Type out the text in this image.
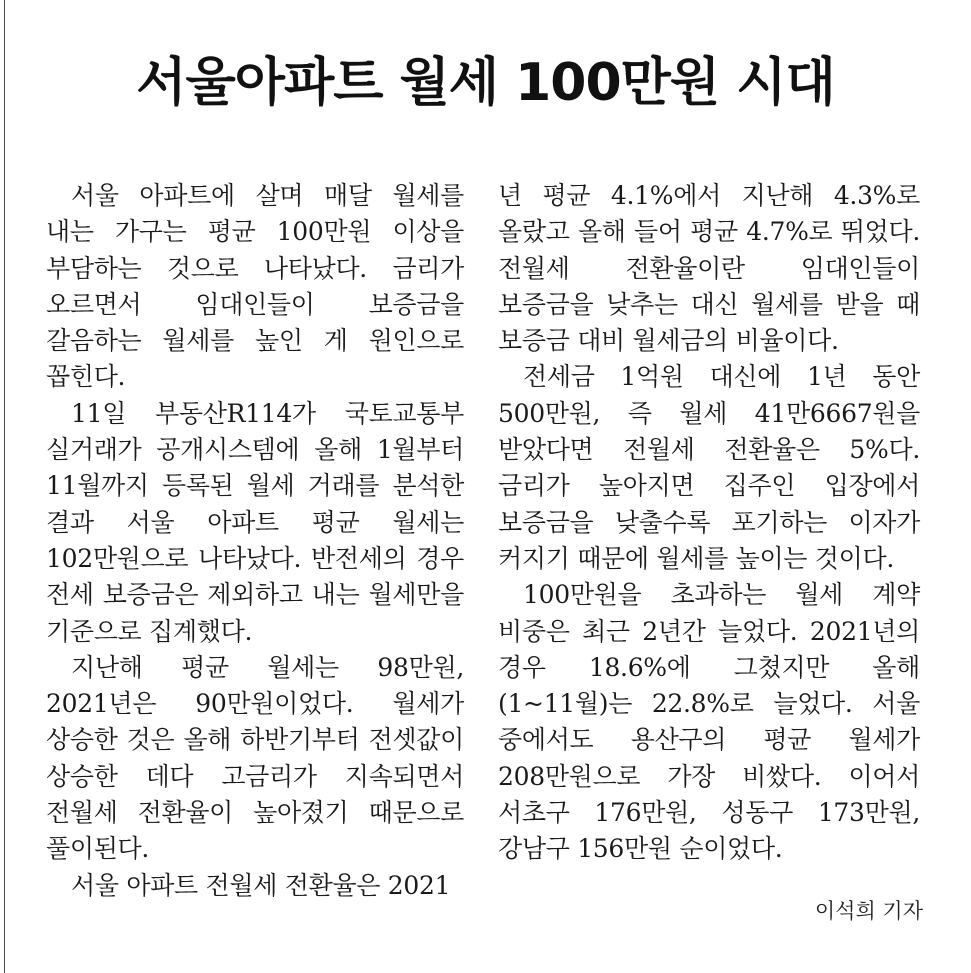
서울아파트 월세 100만원 시대

서울 아파트에 살며 매달 월세를 내는 가구는 평균 100만원 이상을 부담하는 것으로 나타났다. 금리가 오르면서 임대인들이 보증금을 갈음하는 월세를 높인 게 원인으로 꼽힌다.

11일 부동산R114가 국토교통부 실거래가 공개시스템에 올해 1월부터 11월까지 등록된 월세 거래를 분석한 결과 서울 아파트 평균 월세는 102만원으로 나타났다. 반전세의 경우 전세 보증금은 제외하고 내는 월세만을 기준으로 집계했다.

지난해 평균 월세는 98만원, 2021년은 90만원이었다. 월세가 상승한 것은 올해 하반기부터 전셋값이 상승한 데다 고금리가 지속되면서 전월세 전환율이 높아졌기 때문으로 풀이된다.

서울 아파트 전월세 전환율은 2021

년 평균 4.1%에서 지난해 4.3%로 올랐고 올해 들어 평균 4.7%로 뛰었다. 전월세 전환율이란 임대인들이 보증금을 낮추는 대신 월세를 받을 때 보증금 대비 월세금의 비율이다.

전세금 1억원 대신에 1년 동안 500만원, 즉 월세 41만6667원을 받았다면 전월세 전환율은 5%다. 금리가 높아지면 집주인 입장에서 보증금을 낮출수록 포기하는 이자가 커지기 때문에 월세를 높이는 것이다.

100만원을 초과하는 월세 계약 비중은 최근 2년간 늘었다. 2021년의 경우 18.6%에 그쳤지만 올해(1~11월)는 22.8%로 늘었다. 서울 중에서도 용산구의 평균 월세가 208만원으로 가장 비쌌다. 이어서 서초구 176만원, 성동구 173만원, 강남구 156만원 순이었다.

이석희 기자
